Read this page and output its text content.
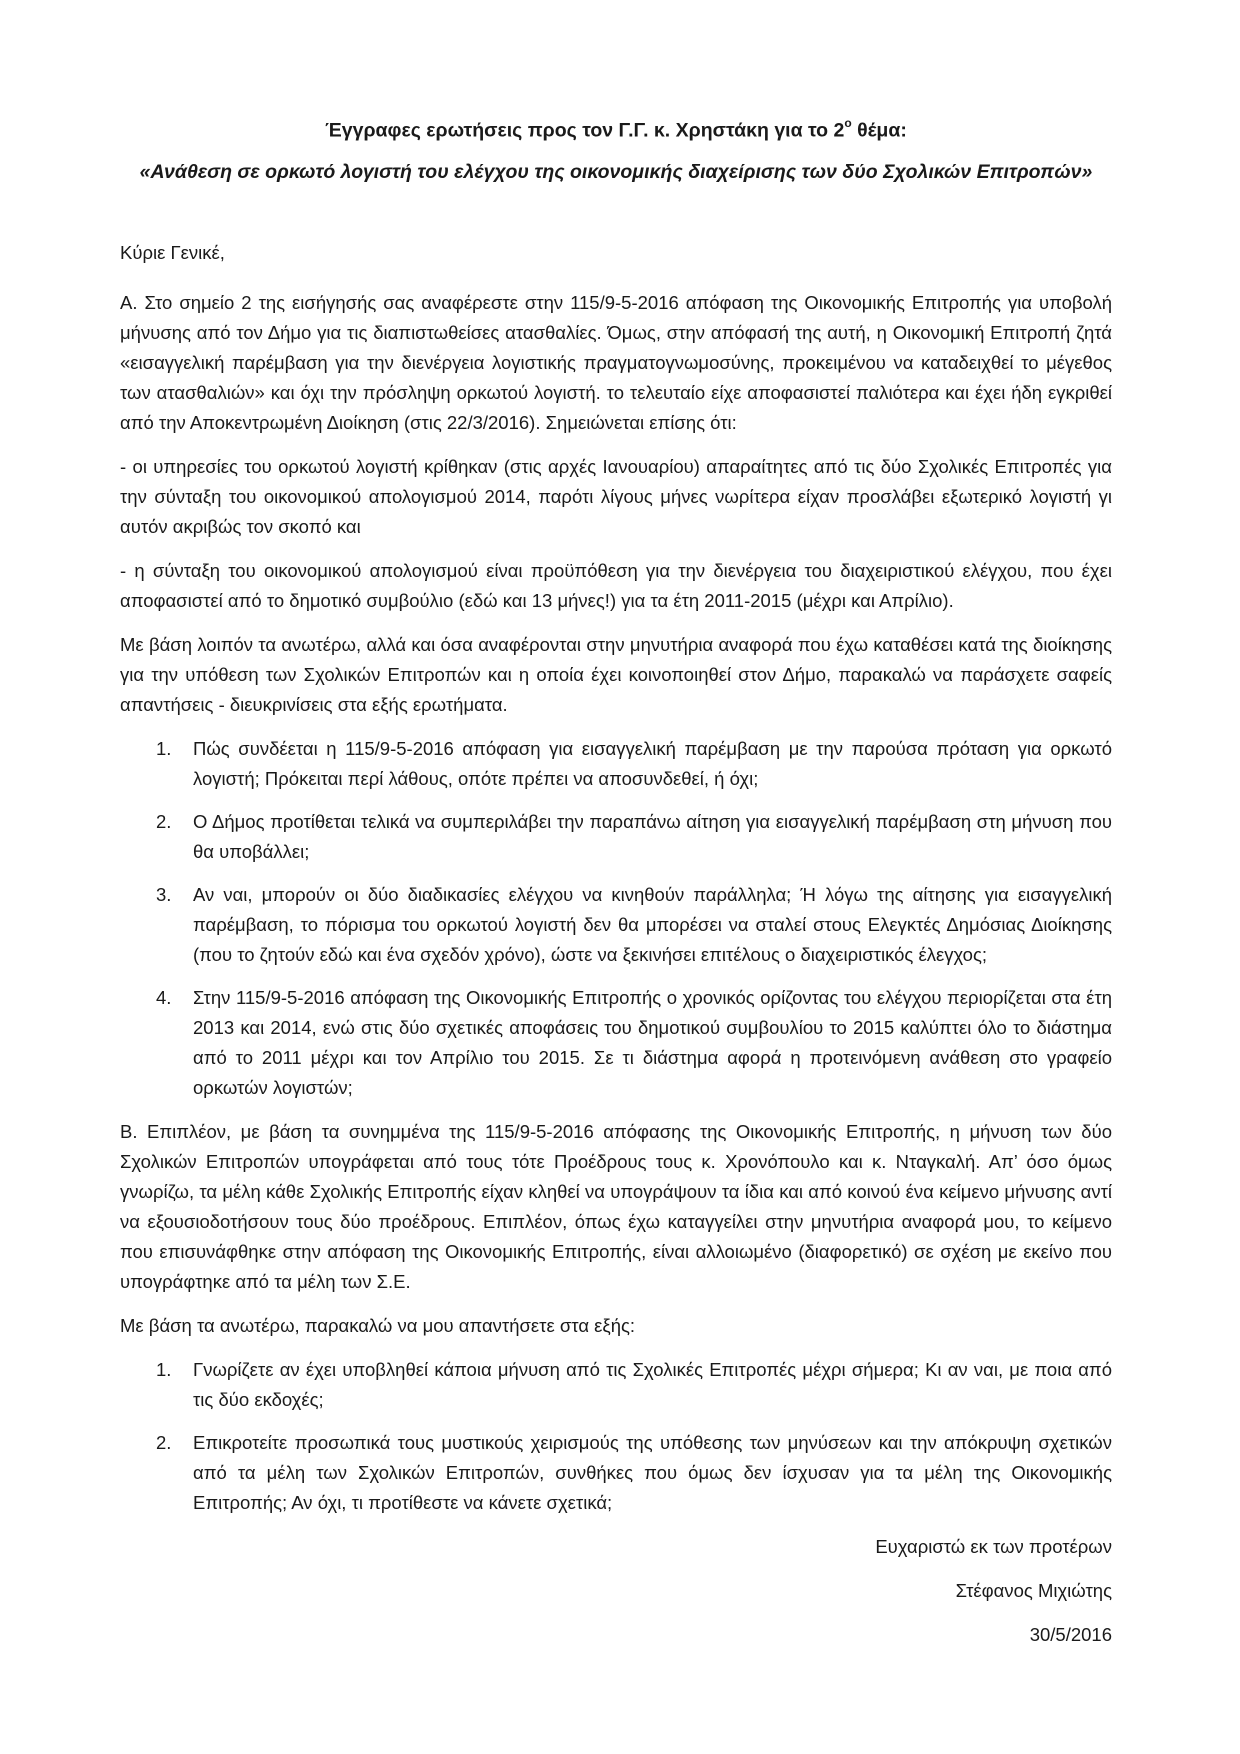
Έγγραφες ερωτήσεις προς τον Γ.Γ. κ. Χρηστάκη για το $2^o$ θέμα:
«Ανάθεση σε ορκωτό λογιστή του ελέγχου της οικονομικής διαχείρισης των δύο Σχολικών Επιτροπών»
Κύριε Γενικέ,
Α. Στο σημείο 2 της εισήγησής σας αναφέρεστε στην 115/9-5-2016 απόφαση της Οικονομικής Επιτροπής για υποβολή μήνυσης από τον Δήμο για τις διαπιστωθείσες ατασθαλίες. Όμως, στην απόφασή της αυτή, η Οικονομική Επιτροπή ζητά «εισαγγελική παρέμβαση για την διενέργεια λογιστικής πραγματογνωμοσύνης, προκειμένου να καταδειχθεί το μέγεθος των ατασθαλιών» και όχι την πρόσληψη ορκωτού λογιστή. το τελευταίο είχε αποφασιστεί παλιότερα και έχει ήδη εγκριθεί από την Αποκεντρωμένη Διοίκηση (στις 22/3/2016). Σημειώνεται επίσης ότι:
- οι υπηρεσίες του ορκωτού λογιστή κρίθηκαν (στις αρχές Ιανουαρίου) απαραίτητες από τις δύο Σχολικές Επιτροπές για την σύνταξη του οικονομικού απολογισμού 2014, παρότι λίγους μήνες νωρίτερα είχαν προσλάβει εξωτερικό λογιστή γι αυτόν ακριβώς τον σκοπό και
- η σύνταξη του οικονομικού απολογισμού είναι προϋπόθεση για την διενέργεια του διαχειριστικού ελέγχου, που έχει αποφασιστεί από το δημοτικό συμβούλιο (εδώ και 13 μήνες!) για τα έτη 2011-2015 (μέχρι και Απρίλιο).
Με βάση λοιπόν τα ανωτέρω, αλλά και όσα αναφέρονται στην μηνυτήρια αναφορά που έχω καταθέσει κατά της διοίκησης για την υπόθεση των Σχολικών Επιτροπών και η οποία έχει κοινοποιηθεί στον Δήμο, παρακαλώ να παράσχετε σαφείς απαντήσεις - διευκρινίσεις στα εξής ερωτήματα.
1. Πώς συνδέεται η 115/9-5-2016 απόφαση για εισαγγελική παρέμβαση με την παρούσα πρόταση για ορκωτό λογιστή; Πρόκειται περί λάθους, οπότε πρέπει να αποσυνδεθεί, ή όχι;
2. Ο Δήμος προτίθεται τελικά να συμπεριλάβει την παραπάνω αίτηση για εισαγγελική παρέμβαση στη μήνυση που θα υποβάλλει;
3. Αν ναι, μπορούν οι δύο διαδικασίες ελέγχου να κινηθούν παράλληλα; Ή λόγω της αίτησης για εισαγγελική παρέμβαση, το πόρισμα του ορκωτού λογιστή δεν θα μπορέσει να σταλεί στους Ελεγκτές Δημόσιας Διοίκησης (που το ζητούν εδώ και ένα σχεδόν χρόνο), ώστε να ξεκινήσει επιτέλους ο διαχειριστικός έλεγχος;
4. Στην 115/9-5-2016 απόφαση της Οικονομικής Επιτροπής ο χρονικός ορίζοντας του ελέγχου περιορίζεται στα έτη 2013 και 2014, ενώ στις δύο σχετικές αποφάσεις του δημοτικού συμβουλίου το 2015 καλύπτει όλο το διάστημα από το 2011 μέχρι και τον Απρίλιο του 2015. Σε τι διάστημα αφορά η προτεινόμενη ανάθεση στο γραφείο ορκωτών λογιστών;
Β. Επιπλέον, με βάση τα συνημμένα της 115/9-5-2016 απόφασης της Οικονομικής Επιτροπής, η μήνυση των δύο Σχολικών Επιτροπών υπογράφεται από τους τότε Προέδρους τους κ. Χρονόπουλο και κ. Νταγκαλή. Απ’ όσο όμως γνωρίζω, τα μέλη κάθε Σχολικής Επιτροπής είχαν κληθεί να υπογράψουν τα ίδια και από κοινού ένα κείμενο μήνυσης αντί να εξουσιοδοτήσουν τους δύο προέδρους. Επιπλέον, όπως έχω καταγγείλει στην μηνυτήρια αναφορά μου, το κείμενο που επισυνάφθηκε στην απόφαση της Οικονομικής Επιτροπής, είναι αλλοιωμένο (διαφορετικό) σε σχέση με εκείνο που υπογράφτηκε από τα μέλη των Σ.Ε.
Με βάση τα ανωτέρω, παρακαλώ να μου απαντήσετε στα εξής:
1. Γνωρίζετε αν έχει υποβληθεί κάποια μήνυση από τις Σχολικές Επιτροπές μέχρι σήμερα; Κι αν ναι, με ποια από τις δύο εκδοχές;
2. Επικροτείτε προσωπικά τους μυστικούς χειρισμούς της υπόθεσης των μηνύσεων και την απόκρυψη σχετικών από τα μέλη των Σχολικών Επιτροπών, συνθήκες που όμως δεν ίσχυσαν για τα μέλη της Οικονομικής Επιτροπής; Αν όχι, τι προτίθεστε να κάνετε σχετικά;
Ευχαριστώ εκ των προτέρων
Στέφανος Μιχιώτης
30/5/2016
